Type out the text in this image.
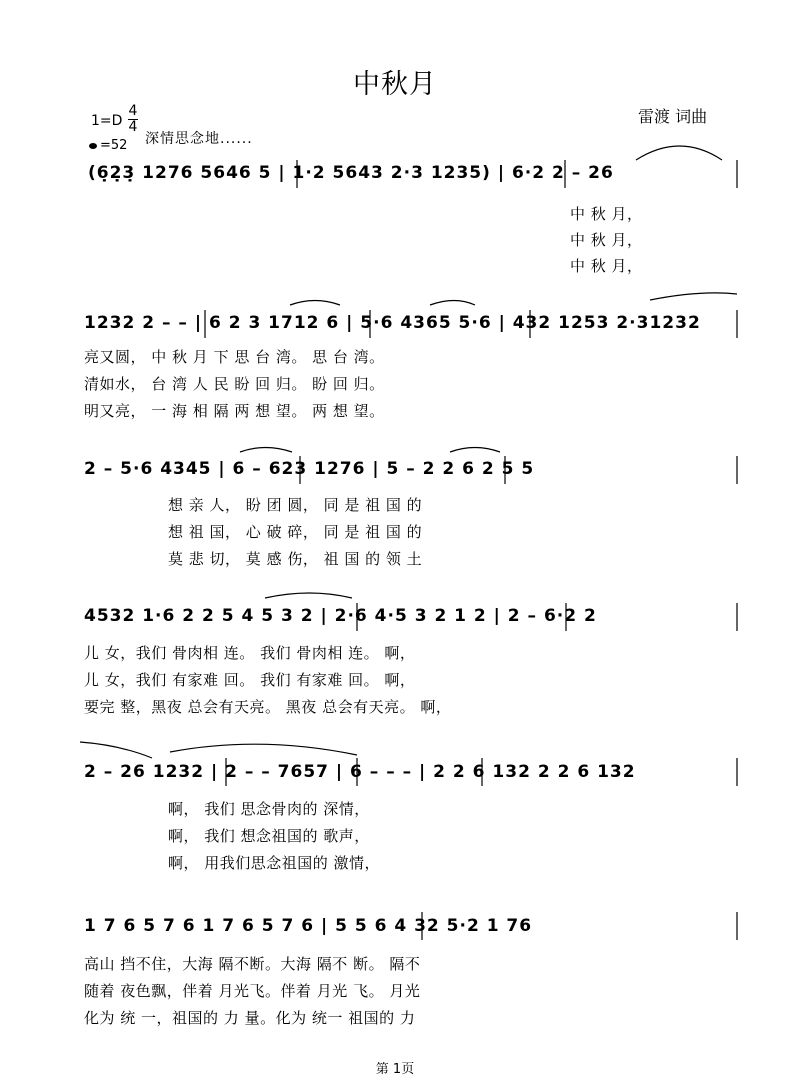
中秋月
雷渡 词曲
1=D
4
4
=52 深情思念地......
(6̣2̣3̣ 1276 5646 5 | 1·2 5643 2·3 1235) | 6·2 2 – 26
中 秋 月，
中 秋 月，
中 秋 月，
1232 2 – – | 6 2 3 1712 6 | 5·6 4365 5·6 | 432 1253 2·31232
亮又圆， 中 秋 月 下 思 台 湾。 思 台 湾。
清如水， 台 湾 人 民 盼 回 归。 盼 回 归。
明又亮， 一 海 相 隔 两 想 望。 两 想 望。
2 – 5·6 4345 | 6 – 623 1276 | 5 – 2 2 6 2 5 5
想 亲 人， 盼 团 圆， 同 是 祖 国 的
想 祖 国， 心 破 碎， 同 是 祖 国 的
莫 悲 切， 莫 感 伤， 祖 国 的 领 土
4532 1·6 2 2 5 4 5 3 2 | 2·6 4·5 3 2 1 2 | 2 – 6·2 2
儿 女，我们 骨肉相 连。 我们 骨肉相 连。 啊，
儿 女，我们 有家难 回。 我们 有家难 回。 啊，
要完 整，黑夜 总会有天亮。 黑夜 总会有天亮。 啊，
2 – 26 1232 | 2 – – 7657 | 6 – – – | 2 2 6 132 2 2 6 132
啊， 我们 思念骨肉的 深情，
啊， 我们 想念祖国的 歌声，
啊， 用我们思念祖国的 激情，
1 7 6 5 7 6 1 7 6 5 7 6 | 5 5 6 4 32 5·2 1 76
高山 挡不住，大海 隔不断。大海 隔不 断。 隔不
随着 夜色飘，伴着 月光飞。伴着 月光 飞。 月光
化为 统 一，祖国的 力 量。化为 统一 祖国的 力
第 1页
